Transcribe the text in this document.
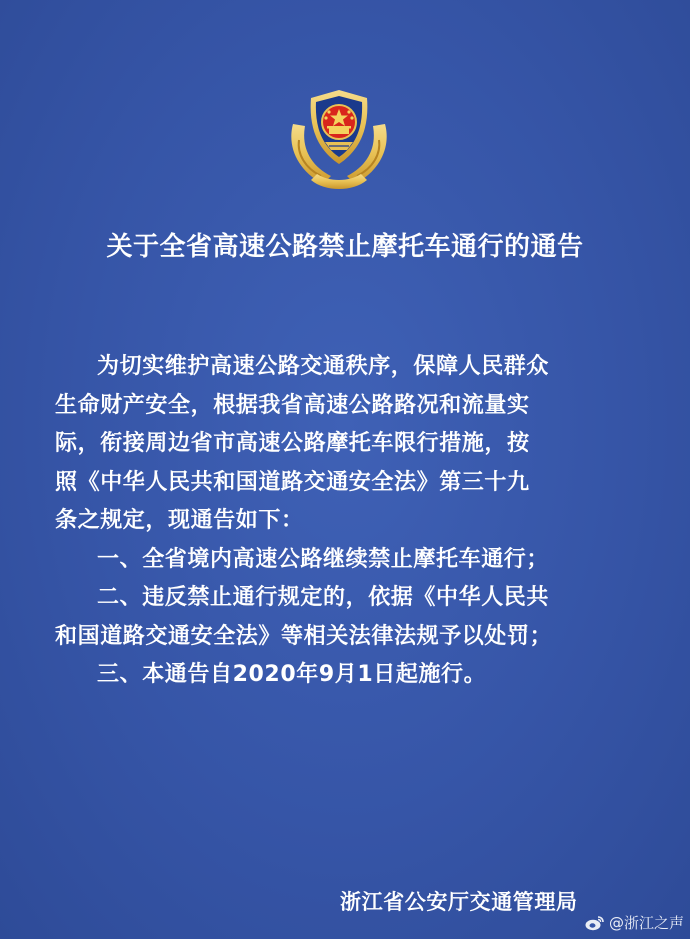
关于全省高速公路禁止摩托车通行的通告
为切实维护高速公路交通秩序，保障人民群众
生命财产安全，根据我省高速公路路况和流量实
际，衔接周边省市高速公路摩托车限行措施，按
照《中华人民共和国道路交通安全法》第三十九
条之规定，现通告如下：
一、全省境内高速公路继续禁止摩托车通行；
二、违反禁止通行规定的，依据《中华人民共
和国道路交通安全法》等相关法律法规予以处罚；
三、本通告自2020年9月1日起施行。
浙江省公安厅交通管理局
@浙江之声
